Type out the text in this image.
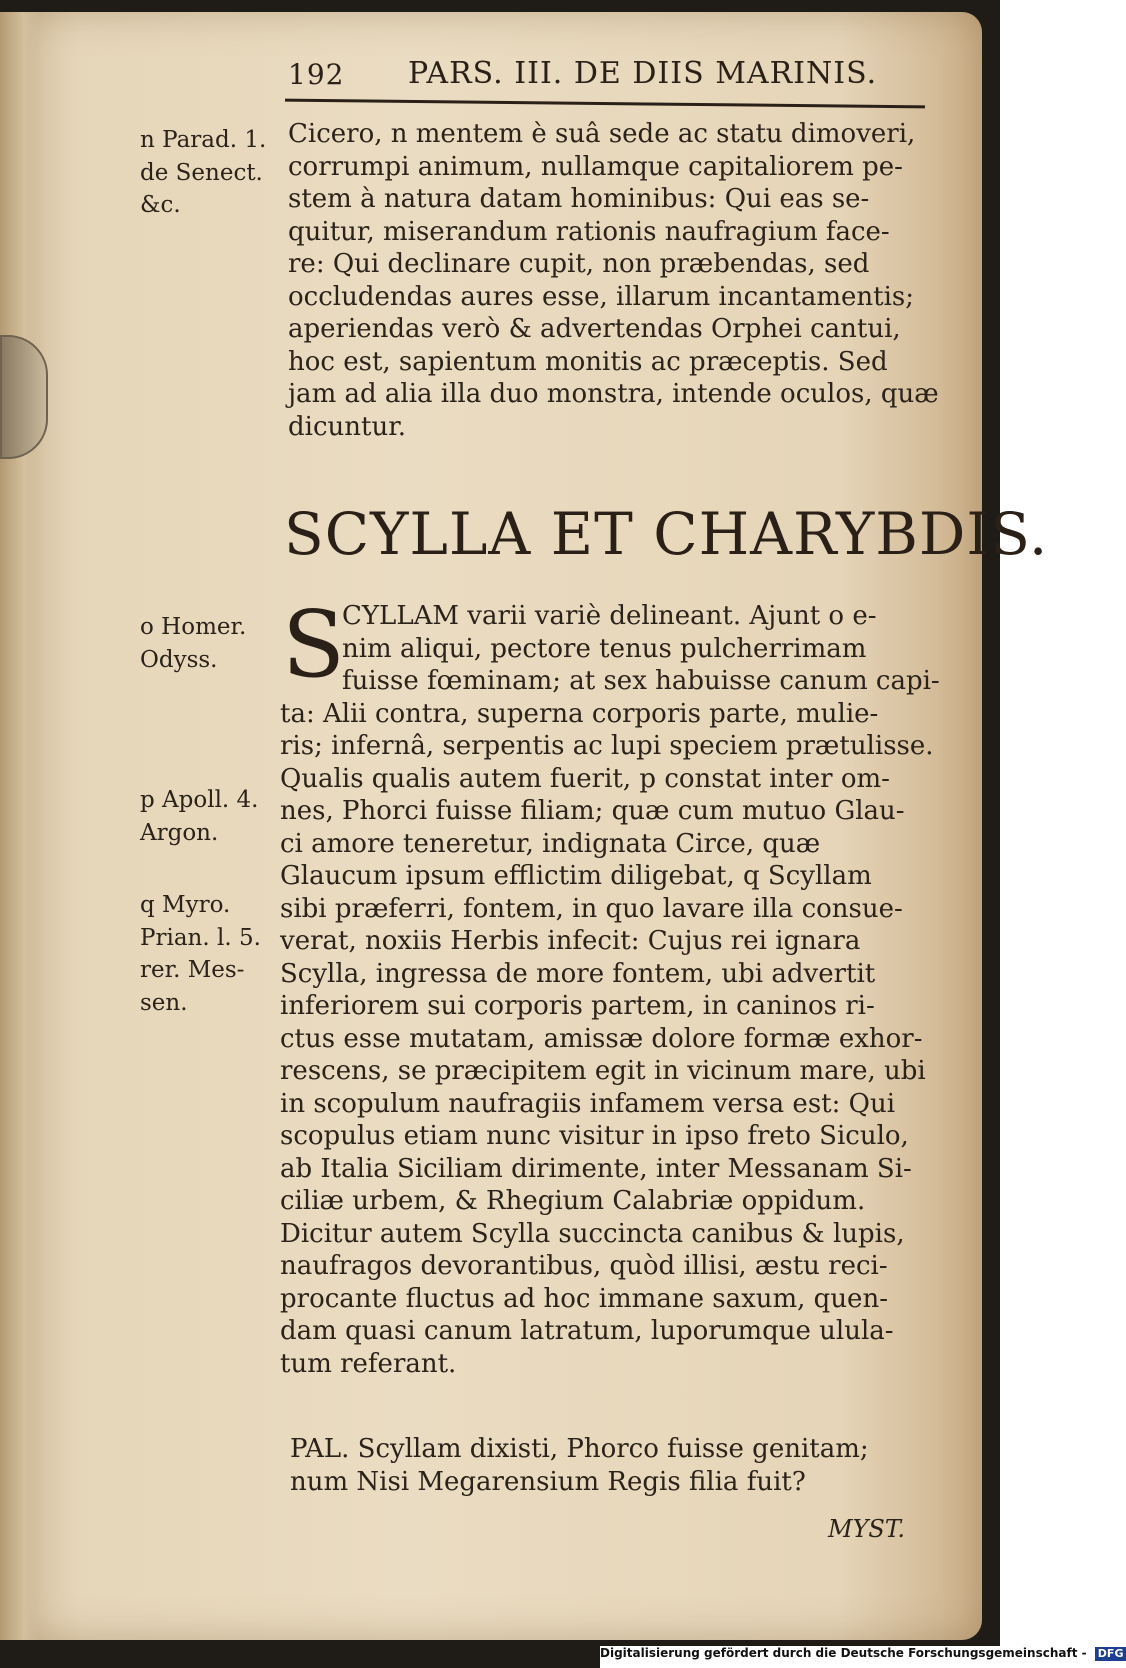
192 PARS. III. DE DIIS MARINIS.
n Parad. 1.
de Senect.
&c.
Cicero, n mentem è suâ sede ac statu dimoveri,
corrumpi animum, nullamque capitaliorem pe-
stem à natura datam hominibus: Qui eas se-
quitur, miserandum rationis naufragium face-
re: Qui declinare cupit, non præbendas, sed
occludendas aures esse, illarum incantamentis;
aperiendas verò & advertendas Orphei cantui,
hoc est, sapientum monitis ac præceptis. Sed
jam ad alia illa duo monstra, intende oculos, quæ
dicuntur.
SCYLLA ET CHARYBDIS.
S
o Homer.
Odyss.
p Apoll. 4.
Argon.
q Myro.
Prian. l. 5.
rer. Mes-
sen.
CYLLAM varii variè delineant. Ajunt o e-
nim aliqui, pectore tenus pulcherrimam
fuisse fœminam; at sex habuisse canum capi-
ta: Alii contra, superna corporis parte, mulie-
ris; infernâ, serpentis ac lupi speciem prætulisse.
Qualis qualis autem fuerit, p constat inter om-
nes, Phorci fuisse filiam; quæ cum mutuo Glau-
ci amore teneretur, indignata Circe, quæ
Glaucum ipsum efflictim diligebat, q Scyllam
sibi præferri, fontem, in quo lavare illa consue-
verat, noxiis Herbis infecit: Cujus rei ignara
Scylla, ingressa de more fontem, ubi advertit
inferiorem sui corporis partem, in caninos ri-
ctus esse mutatam, amissæ dolore formæ exhor-
rescens, se præcipitem egit in vicinum mare, ubi
in scopulum naufragiis infamem versa est: Qui
scopulus etiam nunc visitur in ipso freto Siculo,
ab Italia Siciliam dirimente, inter Messanam Si-
ciliæ urbem, & Rhegium Calabriæ oppidum.
Dicitur autem Scylla succincta canibus & lupis,
naufragos devorantibus, quòd illisi, æstu reci-
procante fluctus ad hoc immane saxum, quen-
dam quasi canum latratum, luporumque ulula-
tum referant.
PAL. Scyllam dixisti, Phorco fuisse genitam;
num Nisi Megarensium Regis filia fuit?
MYST.
Digitalisierung gefördert durch die Deutsche Forschungsgemeinschaft - DFG
